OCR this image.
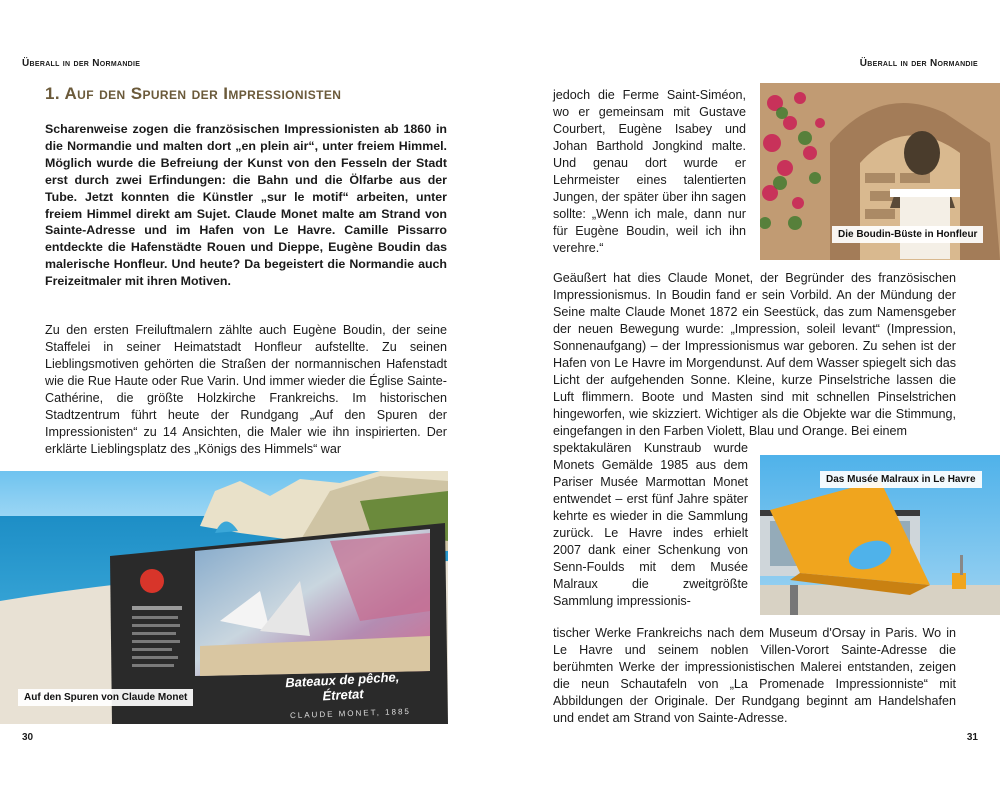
Überall in der Normandie
1. Auf den Spuren der Impressionisten
Scharenweise zogen die französischen Impressionisten ab 1860 in die Normandie und malten dort „en plein air“, unter freiem Himmel. Möglich wurde die Befreiung der Kunst von den Fesseln der Stadt erst durch zwei Erfindungen: die Bahn und die Ölfarbe aus der Tube. Jetzt konnten die Künstler „sur le motif“ arbeiten, unter freiem Himmel direkt am Sujet. Claude Monet malte am Strand von Sainte-Adresse und im Hafen von Le Havre. Camille Pissarro entdeckte die Hafenstädte Rouen und Dieppe, Eugène Boudin das malerische Honfleur. Und heute? Da begeistert die Normandie auch Freizeitmaler mit ihren Motiven.
Zu den ersten Freiluftmalern zählte auch Eugène Boudin, der seine Staffelei in seiner Heimatstadt Honfleur aufstellte. Zu seinen Lieblingsmotiven gehörten die Straßen der normannischen Hafenstadt wie die Rue Haute oder Rue Varin. Und immer wieder die Église Sainte-Cathérine, die größte Holzkirche Frankreichs. Im historischen Stadtzentrum führt heute der Rundgang „Auf den Spuren der Impressionisten“ zu 14 Ansichten, die Maler wie ihn inspirierten. Der erklärte Lieblingsplatz des „Königs des Himmels“ war
Bateaux de pêche,
Étretat
CLAUDE MONET, 1885
Auf den Spuren von Claude Monet
30
Überall in der Normandie
Die Boudin-Büste in Honfleur
jedoch die Ferme Saint-Siméon, wo er gemeinsam mit Gustave Courbert, Eugène Isabey und Johan Barthold Jongkind malte. Und genau dort wurde er Lehrmeister eines talentierten Jungen, der später über ihn sagen sollte: „Wenn ich male, dann nur für Eugène Boudin, weil ich ihn verehre.“
Geäußert hat dies Claude Monet, der Begründer des französischen Impressionismus. In Boudin fand er sein Vorbild. An der Mündung der Seine malte Claude Monet 1872 ein Seestück, das zum Namensgeber der neuen Bewegung wurde: „Impression, soleil levant“ (Impression, Sonnenaufgang) – der Impressionismus war geboren. Zu sehen ist der Hafen von Le Havre im Morgendunst. Auf dem Wasser spiegelt sich das Licht der aufgehenden Sonne. Kleine, kurze Pinselstriche lassen die Luft flimmern. Boote und Masten sind mit schnellen Pinselstrichen hingeworfen, wie skizziert. Wichtiger als die Objekte war die Stimmung, eingefangen in den Farben Violett, Blau und Orange. Bei einem
spektakulären Kunstraub wurde Monets Gemälde 1985 aus dem Pariser Musée Marmottan Monet entwendet – erst fünf Jahre später kehrte es wieder in die Sammlung zurück. Le Havre indes erhielt 2007 dank einer Schenkung von Senn-Foulds mit dem Musée Malraux die zweitgrößte Sammlung impressionis-
Das Musée Malraux in Le Havre
tischer Werke Frankreichs nach dem Museum d'Orsay in Paris. Wo in Le Havre und seinem noblen Villen-Vorort Sainte-Adresse die berühmten Werke der impressionistischen Malerei entstanden, zeigen die neun Schautafeln von „La Promenade Impressionniste“ mit Abbildungen der Originale. Der Rundgang beginnt am Handelshafen und endet am Strand von Sainte-Adresse.
31
